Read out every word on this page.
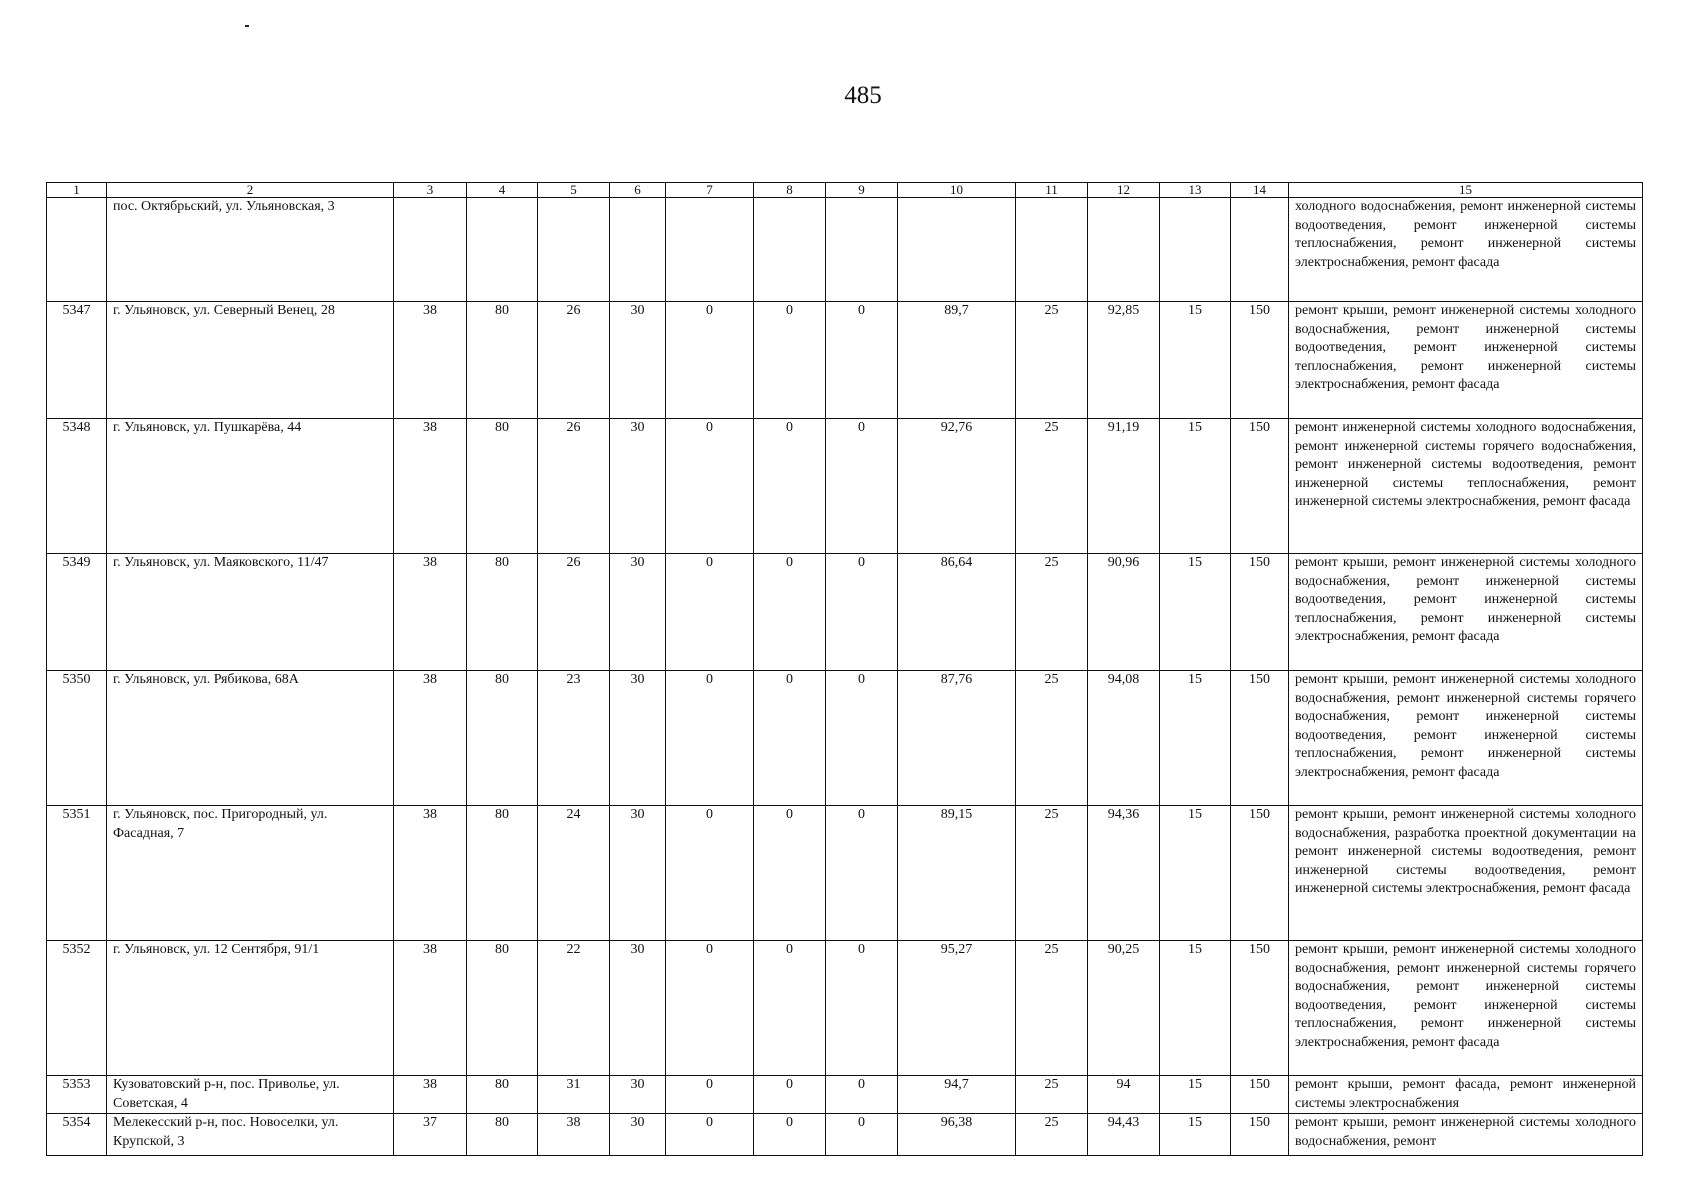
485
1	2	3	4	5	6	7	8	9	10	11	12	13	14	15
	пос. Октябрьский, ул. Ульяновская, 3													холодного водоснабжения, ремонт инженерной системы водоотведения, ремонт инженерной системы теплоснабжения, ремонт инженерной системы электроснабжения, ремонт фасада
5347	г. Ульяновск, ул. Северный Венец, 28	38	80	26	30	0	0	0	89,7	25	92,85	15	150	ремонт крыши, ремонт инженерной системы холодного водоснабжения, ремонт инженерной системы водоотведения, ремонт инженерной системы теплоснабжения, ремонт инженерной системы электроснабжения, ремонт фасада
5348	г. Ульяновск, ул. Пушкарёва, 44	38	80	26	30	0	0	0	92,76	25	91,19	15	150	ремонт инженерной системы холодного водоснабжения, ремонт инженерной системы горячего водоснабжения, ремонт инженерной системы водоотведения, ремонт инженерной системы теплоснабжения, ремонт инженерной системы электроснабжения, ремонт фасада
5349	г. Ульяновск, ул. Маяковского, 11/47	38	80	26	30	0	0	0	86,64	25	90,96	15	150	ремонт крыши, ремонт инженерной системы холодного водоснабжения, ремонт инженерной системы водоотведения, ремонт инженерной системы теплоснабжения, ремонт инженерной системы электроснабжения, ремонт фасада
5350	г. Ульяновск, ул. Рябикова, 68А	38	80	23	30	0	0	0	87,76	25	94,08	15	150	ремонт крыши, ремонт инженерной системы холодного водоснабжения, ремонт инженерной системы горячего водоснабжения, ремонт инженерной системы водоотведения, ремонт инженерной системы теплоснабжения, ремонт инженерной системы электроснабжения, ремонт фасада
5351	г. Ульяновск, пос. Пригородный, ул. Фасадная, 7	38	80	24	30	0	0	0	89,15	25	94,36	15	150	ремонт крыши, ремонт инженерной системы холодного водоснабжения, разработка проектной документации на ремонт инженерной системы водоотведения, ремонт инженерной системы водоотведения, ремонт инженерной системы электроснабжения, ремонт фасада
5352	г. Ульяновск, ул. 12 Сентября, 91/1	38	80	22	30	0	0	0	95,27	25	90,25	15	150	ремонт крыши, ремонт инженерной системы холодного водоснабжения, ремонт инженерной системы горячего водоснабжения, ремонт инженерной системы водоотведения, ремонт инженерной системы теплоснабжения, ремонт инженерной системы электроснабжения, ремонт фасада
5353	Кузоватовский р-н, пос. Приволье, ул. Советская, 4	38	80	31	30	0	0	0	94,7	25	94	15	150	ремонт крыши, ремонт фасада, ремонт инженерной системы электроснабжения
5354	Мелекесский р-н, пос. Новоселки, ул. Крупской, 3	37	80	38	30	0	0	0	96,38	25	94,43	15	150	ремонт крыши, ремонт инженерной системы холодного водоснабжения, ремонт
